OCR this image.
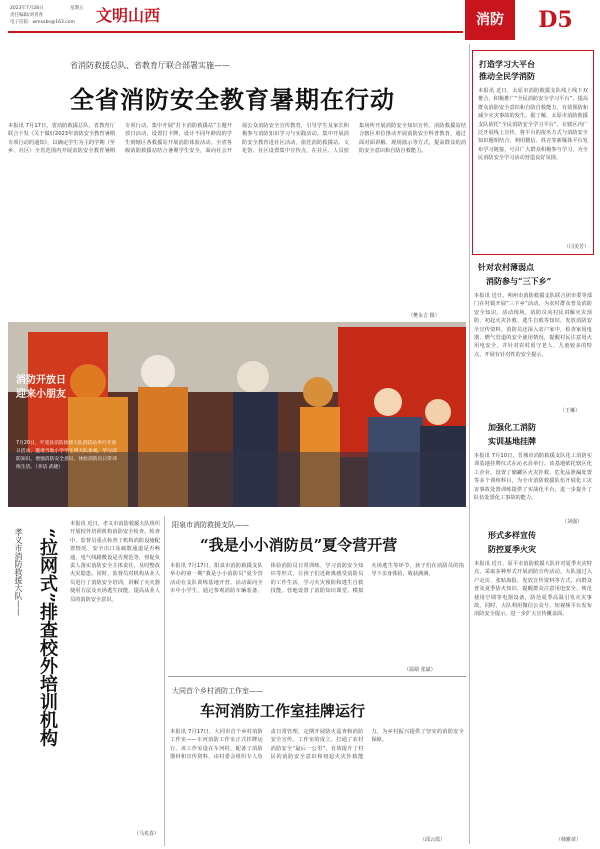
2023年7月28日
责任编辑/刘青春
电子信箱：wmsxbs@163.com
星期五 文明山西	消防	D5
省消防救援总队、省教育厅联合部署实施——
全省消防安全教育暑期在行动
本报讯 7月17日，省消防救援总队、省教育厅联合下发《关于做好2023年消防安全教育暑期专项行动的通知》，以确定学生为主的学期（至乡、社区）全省范围内开展消防安全教育暑期专项行动。集中开展“打卡消防救援站”主题开放日活动，设置打卡牌，设计不同年龄段的学生到辖区各救援站开展消防体验活动。全省各级消防救援站结合暑期学生安全，面向社会开展公众消防安全宣传教育，引导学生及家长积极参与消防知识学习与实践活动。集中开展消防安全教育进社区活动。依托消防救援站、文化馆、社区设置集中宣传点，在社区、人员密集场所开展消防安全知识宣传。消防救援站结合辖区单位推动开展消防安全科普教育，通过面对面讲解、现场演示等方式，提高群众的消防安全意识和自防自救能力。
消防开放日
迎来小朋友
7月20日，平遥县消防救援大队消防站举行开放日活动，邀请当地小学学生到大队参观。学习消防知识，增强消防安全意识，体验消防员日常训练生活。（李洁 武婕）
（樊永吉 摄）
打造学习大平台
推动全民学消防
本报讯 近日，太原市消防救援支队线上线下双推合，积极推广“全民消防安全学习平台”，提高群众消防安全意识和自防自救能力，有效预防和减少火灾事故的发生。据了解，太原市消防救援支队依托“全民消防安全学习平台”，在辖区内广泛开展线上宣传。将平台的报名方式与消防安全知识题相结合，利用微信、抖音等新媒体平台发布学习链接，号召广大群众积极参与学习，为全民消防安全学习活动营造良好氛围。
（闫美芳）
针对农村薄弱点
消防参与“三下乡”
本报讯 近日，朔州市消防救援支队联合团市委等部门在村镇开展“三下乡”活动，为农村群众普及消防安全知识。活动现场，消防员向村民讲解火灾预防、初起火灾扑救、逃生自救等知识，发放消防安全宣传资料。消防员还深入农户家中，检查家用电器、燃气管道的安全使用情况，提醒村民注意用火用电安全，并针对农村留守老人、儿童较多的特点，开展有针对性的安全提示。
（王琳）
加强化工消防
实训基地挂牌
本报讯 7月10日，晋城市消防救援支队化工消防实训基地挂牌仪式在沁水县举行。该基地依托辖区化工企业，设置了储罐区火灾扑救、危化品泄漏处置等多个训练科目，为全市消防救援队伍开展化工灾害事故处置训练提供了实战化平台，进一步提升了队伍处置化工事故的能力。
（刘强）
形式多样宣传
防控夏季火灾
本报讯 近日，原平市消防救援大队针对夏季火灾特点，采取多种形式开展消防宣传活动。大队通过入户走访、张贴海报、发放宣传资料等方式，向群众普及夏季防火知识，提醒群众注意用电安全、规范使用空调等电器设备，防范夏季高温引发火灾事故。同时，大队利用微信公众号、短视频平台发布消防安全提示，进一步扩大宣传覆盖面。
（韩雅苗）
孝义市消防救援大队—— “拉网式”排查校外培训机构
本报讯 近日，孝义市消防救援大队组织开展校外培训机构消防安全检查。检查中，监督员重点检查了机构消防设施配置情况、安全出口及疏散通道是否畅通、电气线路敷设是否规范等，督促负责人落实消防安全主体责任，及时整改火灾隐患。同时，监督员对机构从业人员进行了消防安全培训，讲解了灭火器使用方法及火场逃生技能，提高从业人员的消防安全意识。
（马兆春）
阳泉市消防救援支队——
“我是小小消防员”夏令营开营
本报讯 7月17日，阳泉市消防救援支队举办的第一期“我是小小消防员”夏令营活动在支队训练基地开营。活动面向全市中小学生，通过参观消防车辆装备、体验消防员日常训练、学习消防安全知识等形式，让孩子们近距离感受消防员的工作生活，学习火灾预防和逃生自救技能。营地设置了消防知识课堂、模拟火场逃生等环节，孩子们在消防员的指导下亲身体验，收获满满。
（温婧 张斌）
大同首个乡村消防工作室——
车河消防工作室挂牌运行
本报讯 7月17日，大同市首个乡村消防工作室——车河消防工作室正式挂牌运行。该工作室设在车河村，配备了消防器材和宣传资料，由村委会组织专人负责日常管理，定期开展防火巡查和消防安全宣传。工作室的成立，打通了农村消防安全“最后一公里”，有效提升了村民的消防安全意识和初起火灾扑救能力，为乡村振兴提供了坚实的消防安全保障。
（邱云霞）
